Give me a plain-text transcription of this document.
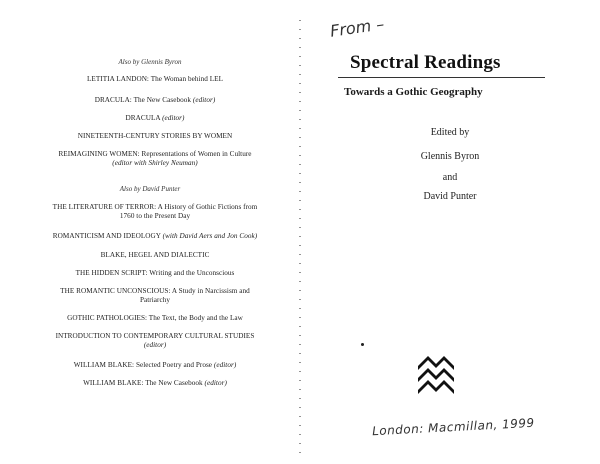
Also by Glennis Byron
LETITIA LANDON: The Woman behind LEL
DRACULA: The New Casebook (editor)
DRACULA (editor)
NINETEENTH-CENTURY STORIES BY WOMEN
REIMAGINING WOMEN: Representations of Women in Culture
(editor with Shirley Neuman)
Also by David Punter
THE LITERATURE OF TERROR: A History of Gothic Fictions from
1760 to the Present Day
ROMANTICISM AND IDEOLOGY (with David Aers and Jon Cook)
BLAKE, HEGEL AND DIALECTIC
THE HIDDEN SCRIPT: Writing and the Unconscious
THE ROMANTIC UNCONSCIOUS: A Study in Narcissism and
Patriarchy
GOTHIC PATHOLOGIES: The Text, the Body and the Law
INTRODUCTION TO CONTEMPORARY CULTURAL STUDIES
(editor)
WILLIAM BLAKE: Selected Poetry and Prose (editor)
WILLIAM BLAKE: The New Casebook (editor)
From –
Spectral Readings
Towards a Gothic Geography
Edited by
Glennis Byron
and
David Punter
London: Macmillan, 1999
